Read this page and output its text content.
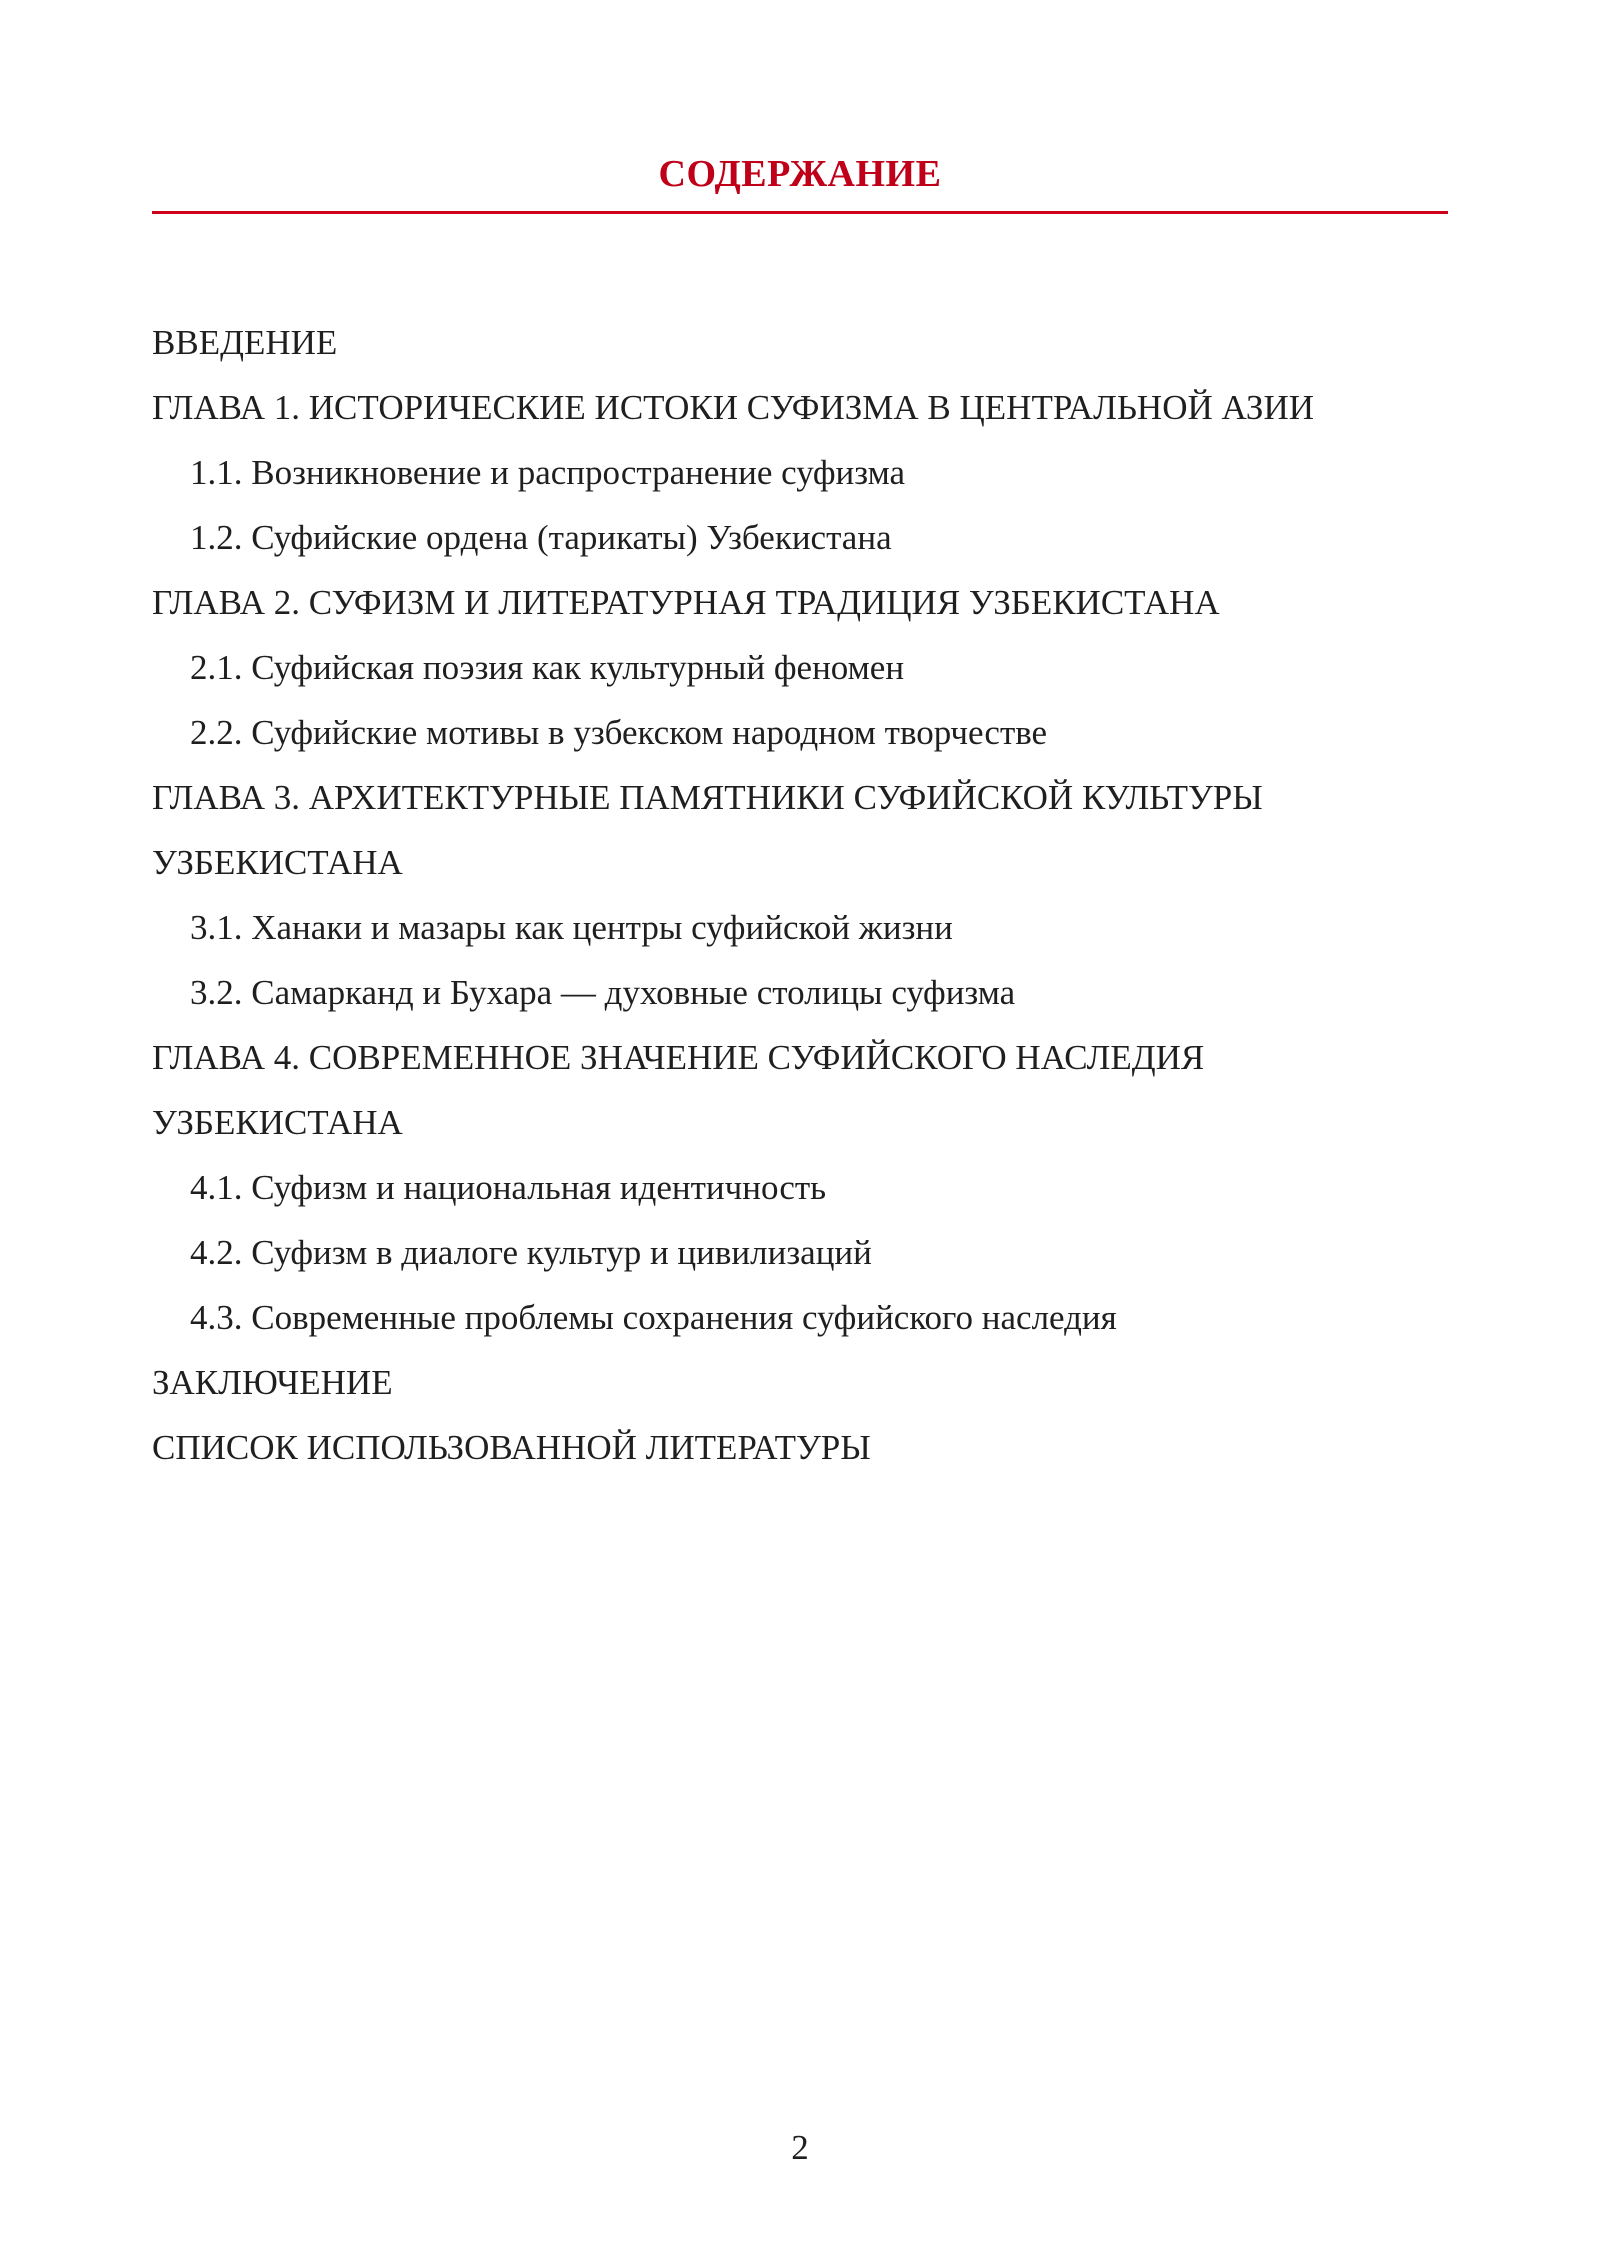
СОДЕРЖАНИЕ
ВВЕДЕНИЕ
ГЛАВА 1. ИСТОРИЧЕСКИЕ ИСТОКИ СУФИЗМА В ЦЕНТРАЛЬНОЙ АЗИИ
1.1. Возникновение и распространение суфизма
1.2. Суфийские ордена (тарикаты) Узбекистана
ГЛАВА 2. СУФИЗМ И ЛИТЕРАТУРНАЯ ТРАДИЦИЯ УЗБЕКИСТАНА
2.1. Суфийская поэзия как культурный феномен
2.2. Суфийские мотивы в узбекском народном творчестве
ГЛАВА 3. АРХИТЕКТУРНЫЕ ПАМЯТНИКИ СУФИЙСКОЙ КУЛЬТУРЫ
УЗБЕКИСТАНА
3.1. Ханаки и мазары как центры суфийской жизни
3.2. Самарканд и Бухара — духовные столицы суфизма
ГЛАВА 4. СОВРЕМЕННОЕ ЗНАЧЕНИЕ СУФИЙСКОГО НАСЛЕДИЯ
УЗБЕКИСТАНА
4.1. Суфизм и национальная идентичность
4.2. Суфизм в диалоге культур и цивилизаций
4.3. Современные проблемы сохранения суфийского наследия
ЗАКЛЮЧЕНИЕ
СПИСОК ИСПОЛЬЗОВАННОЙ ЛИТЕРАТУРЫ
2
